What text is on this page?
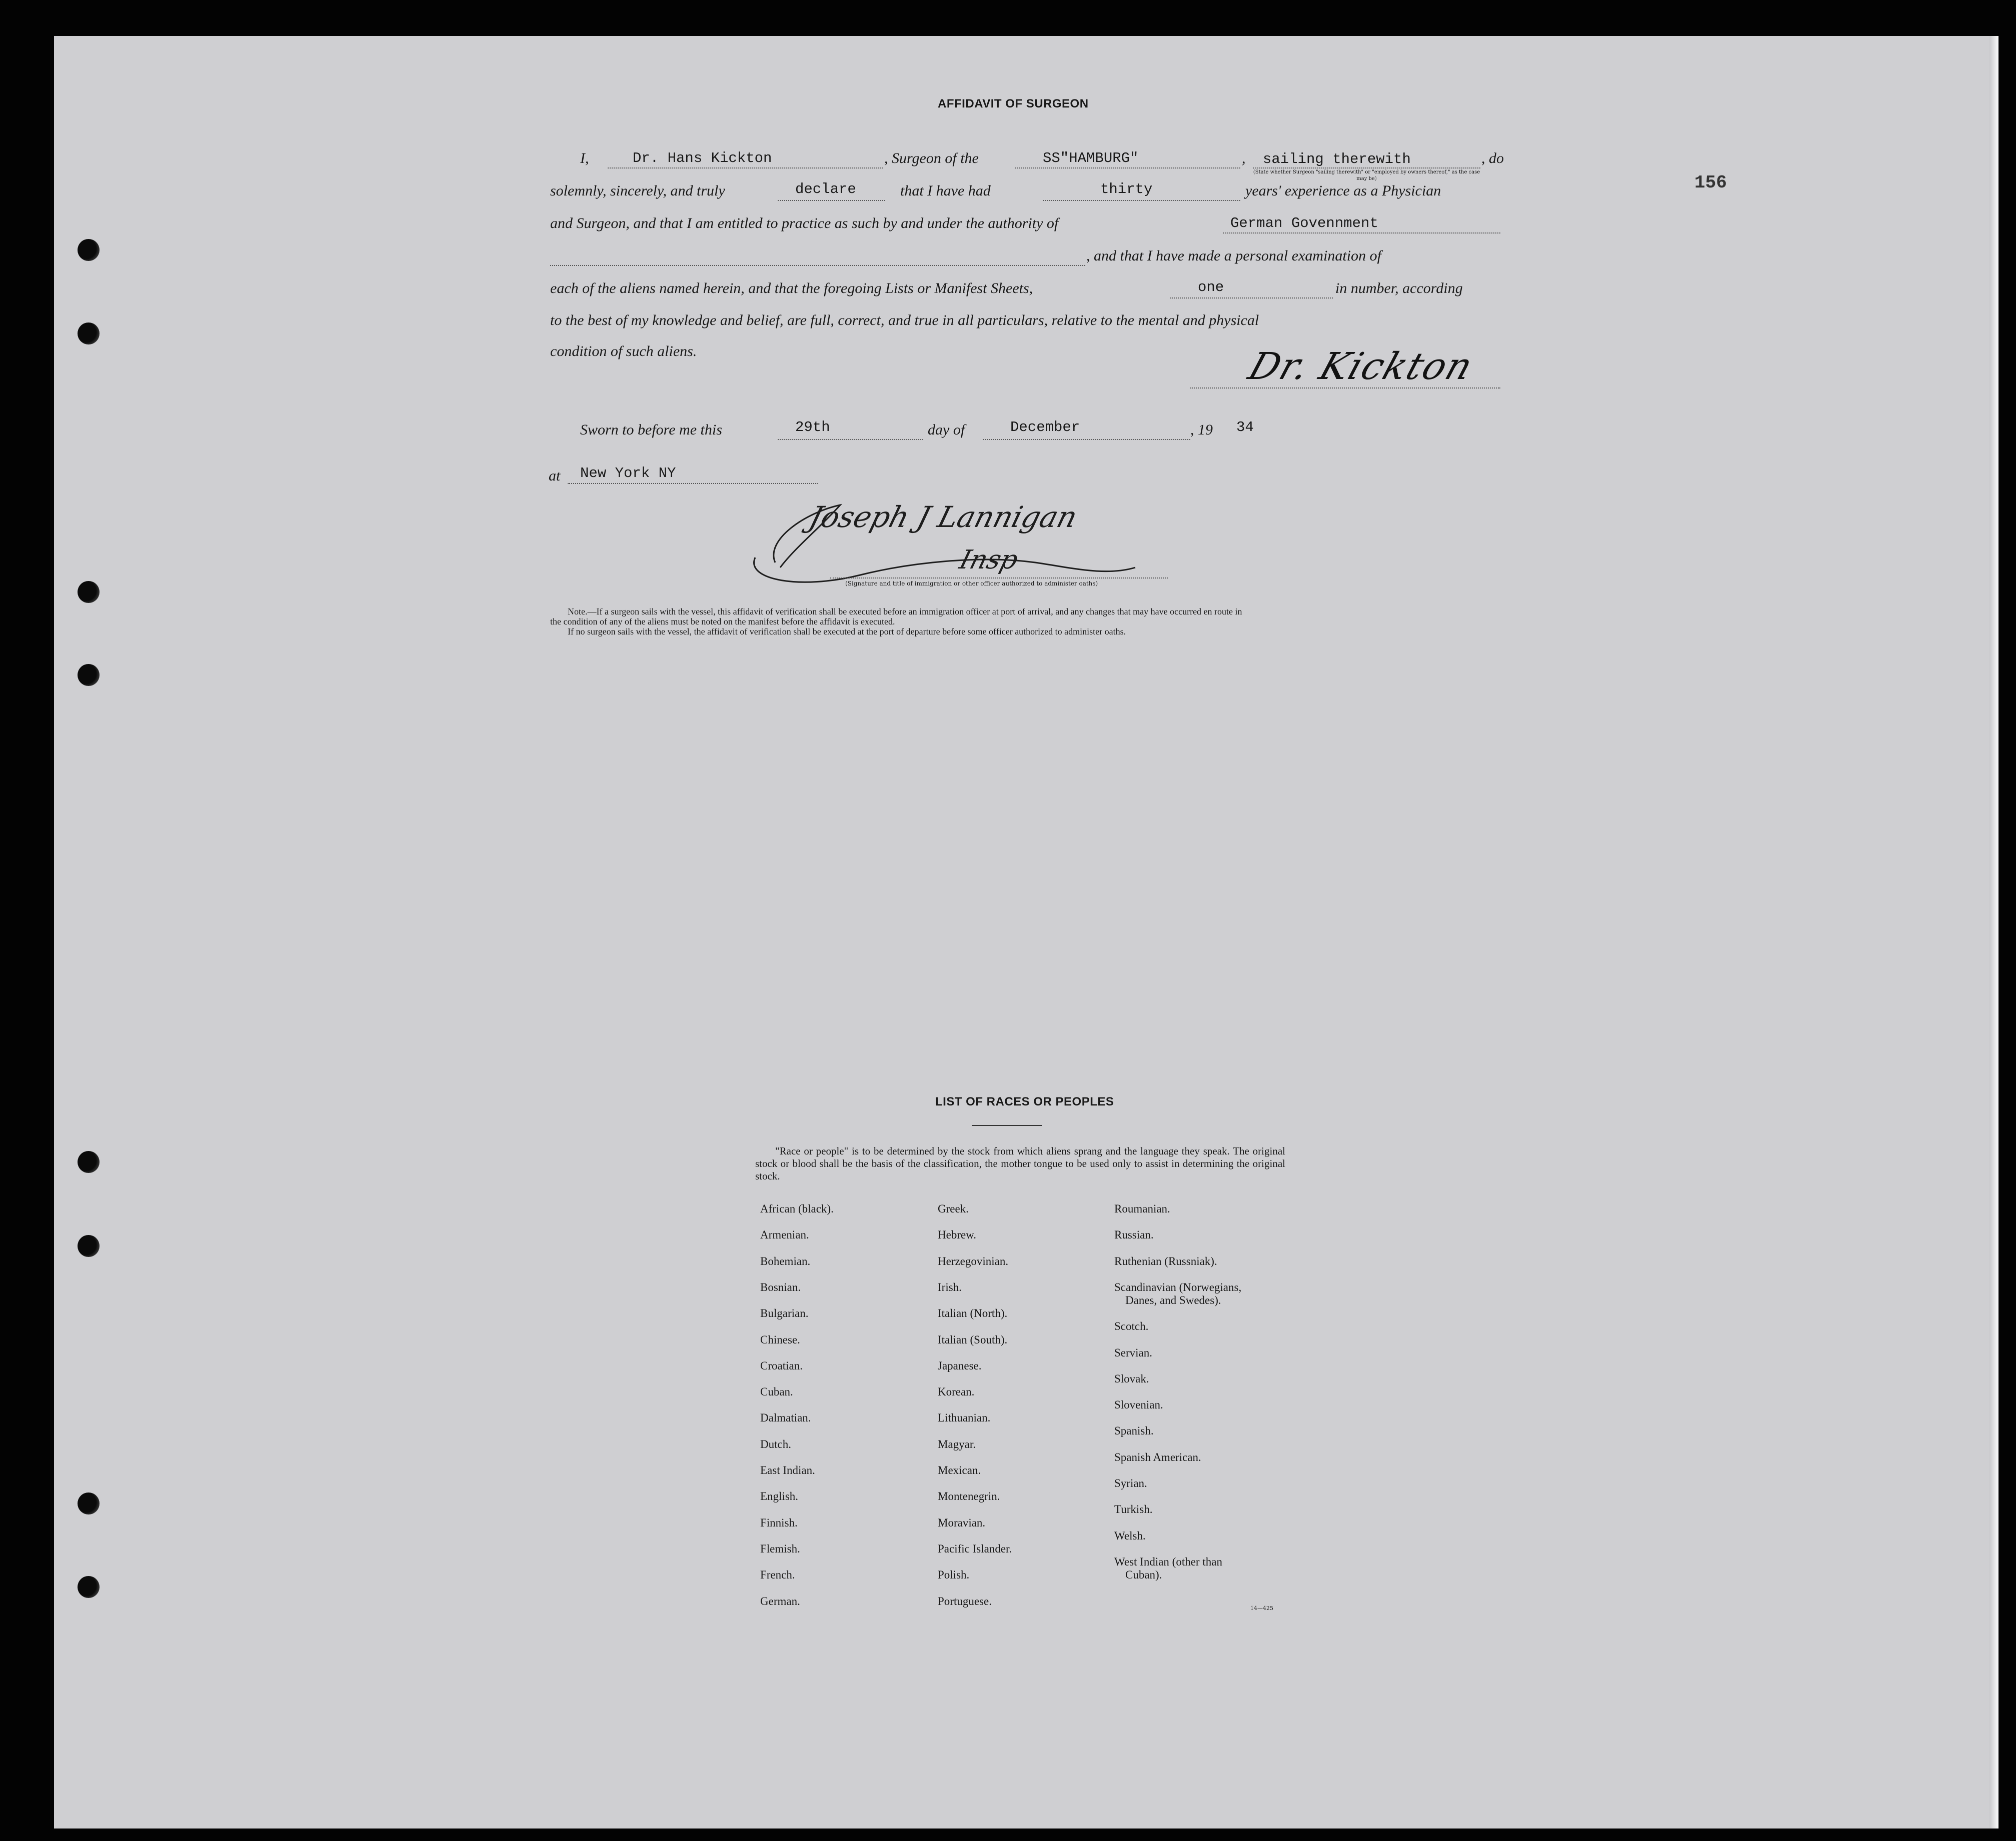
156
AFFIDAVIT OF SURGEON
I,	Dr. Hans Kickton	, Surgeon of the	SS"HAMBURG"	, sailing therewith	, do
(State whether Surgeon "sailing therewith" or "employed by owners thereof," as the case may be)
solemnly, sincerely, and truly	declare	that I have had	thirty	years' experience as a Physician
and Surgeon, and that I am entitled to practice as such by and under the authority of	German Govennment
, and that I have made a personal examination of
each of the aliens named herein, and that the foregoing Lists or Manifest Sheets,	one	in number, according
to the best of my knowledge and belief, are full, correct, and true in all particulars, relative to the mental and physical
condition of such aliens.	Dr. Kickton
Sworn to before me this	29th	day of	December	, 19 34
at New York NY
Joseph J Lannigan
Insp
(Signature and title of immigration or other officer authorized to administer oaths)
Note.—If a surgeon sails with the vessel, this affidavit of verification shall be executed before an immigration officer at port of arrival, and any changes that may have occurred en route in
the condition of any of the aliens must be noted on the manifest before the affidavit is executed.
If no surgeon sails with the vessel, the affidavit of verification shall be executed at the port of departure before some officer authorized to administer oaths.
LIST OF RACES OR PEOPLES
"Race or people" is to be determined by the stock from which aliens sprang and the language they speak. The original stock or blood shall be the basis of the classification, the mother tongue to be used only to assist in determining the original stock.
African (black).
Armenian.
Bohemian.
Bosnian.
Bulgarian.
Chinese.
Croatian.
Cuban.
Dalmatian.
Dutch.
East Indian.
English.
Finnish.
Flemish.
French.
German.
Greek.
Hebrew.
Herzegovinian.
Irish.
Italian (North).
Italian (South).
Japanese.
Korean.
Lithuanian.
Magyar.
Mexican.
Montenegrin.
Moravian.
Pacific Islander.
Polish.
Portuguese.
Roumanian.
Russian.
Ruthenian (Russniak).
Scandinavian (Norwegians,
Danes, and Swedes).
Scotch.
Servian.
Slovak.
Slovenian.
Spanish.
Spanish American.
Syrian.
Turkish.
Welsh.
West Indian (other than
Cuban).
14—425
